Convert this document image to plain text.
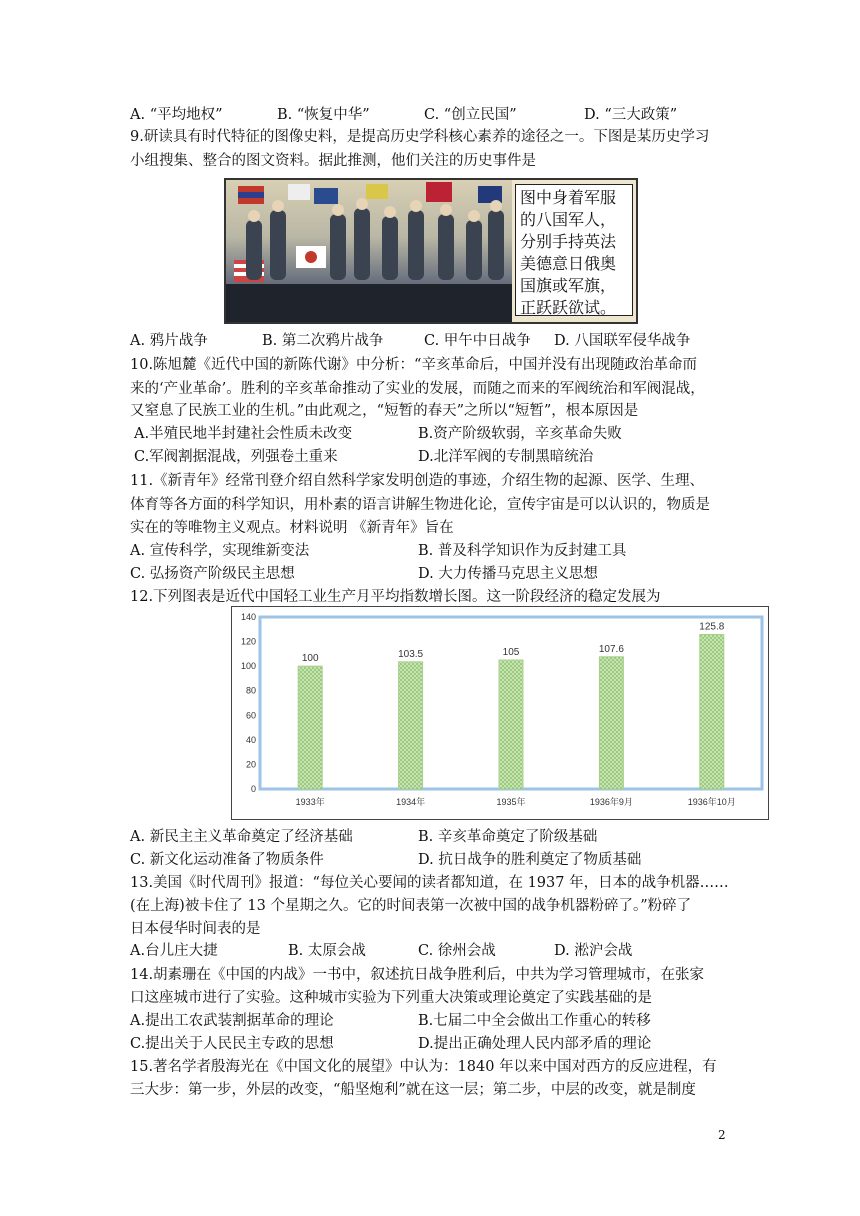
A. “平均地权”	B. “恢复中华”	C. “创立民国”	D. “三大政策”
9.研读具有时代特征的图像史料，是提高历史学科核心素养的途径之一。下图是某历史学习
小组搜集、整合的图文资料。据此推测，他们关注的历史事件是
图中身着军服的八国军人，分别手持英法美德意日俄奥国旗或军旗，正跃跃欲试。
A. 鸦片战争	B. 第二次鸦片战争	C. 甲午中日战争 D. 八国联军侵华战争
10.陈旭麓《近代中国的新陈代谢》中分析：“辛亥革命后，中国并没有出现随政治革命而
来的‘产业革命’。胜利的辛亥革命推动了实业的发展，而随之而来的军阀统治和军阀混战，
又窒息了民族工业的生机。”由此观之，“短暂的春天”之所以“短暂”，根本原因是
A.半殖民地半封建社会性质未改变	B.资产阶级软弱，辛亥革命失败
C.军阀割据混战，列强卷土重来	D.北洋军阀的专制黑暗统治
11.《新青年》经常刊登介绍自然科学家发明创造的事迹，介绍生物的起源、医学、生理、
体育等各方面的科学知识，用朴素的语言讲解生物进化论，宣传宇宙是可以认识的，物质是
实在的等唯物主义观点。材料说明 《新青年》旨在
A. 宣传科学，实现维新变法	B. 普及科学知识作为反封建工具
C. 弘扬资产阶级民主思想	D. 大力传播马克思主义思想
12.下列图表是近代中国轻工业生产月平均指数增长图。这一阶段经济的稳定发展为
0
20
40
60
80
100
120
140
100	103.5	105	107.6
125.8
1933年	1934年	1935年	1936年9月	1936年10月
A. 新民主主义革命奠定了经济基础	B. 辛亥革命奠定了阶级基础
C. 新文化运动准备了物质条件	D. 抗日战争的胜利奠定了物质基础
13.美国《时代周刊》报道：“每位关心要闻的读者都知道，在 1937 年，日本的战争机器……
(在上海)被卡住了 13 个星期之久。它的时间表第一次被中国的战争机器粉碎了。”粉碎了
日本侵华时间表的是
A.台儿庄大捷	B. 太原会战	C. 徐州会战	D. 淞沪会战
14.胡素珊在《中国的内战》一书中，叙述抗日战争胜利后，中共为学习管理城市，在张家
口这座城市进行了实验。这种城市实验为下列重大决策或理论奠定了实践基础的是
A.提出工农武装割据革命的理论	B.七届二中全会做出工作重心的转移
C.提出关于人民民主专政的思想	D.提出正确处理人民内部矛盾的理论
15.著名学者殷海光在《中国文化的展望》中认为：1840 年以来中国对西方的反应进程，有
三大步：第一步，外层的改变，“船坚炮利”就在这一层；第二步，中层的改变，就是制度
2
